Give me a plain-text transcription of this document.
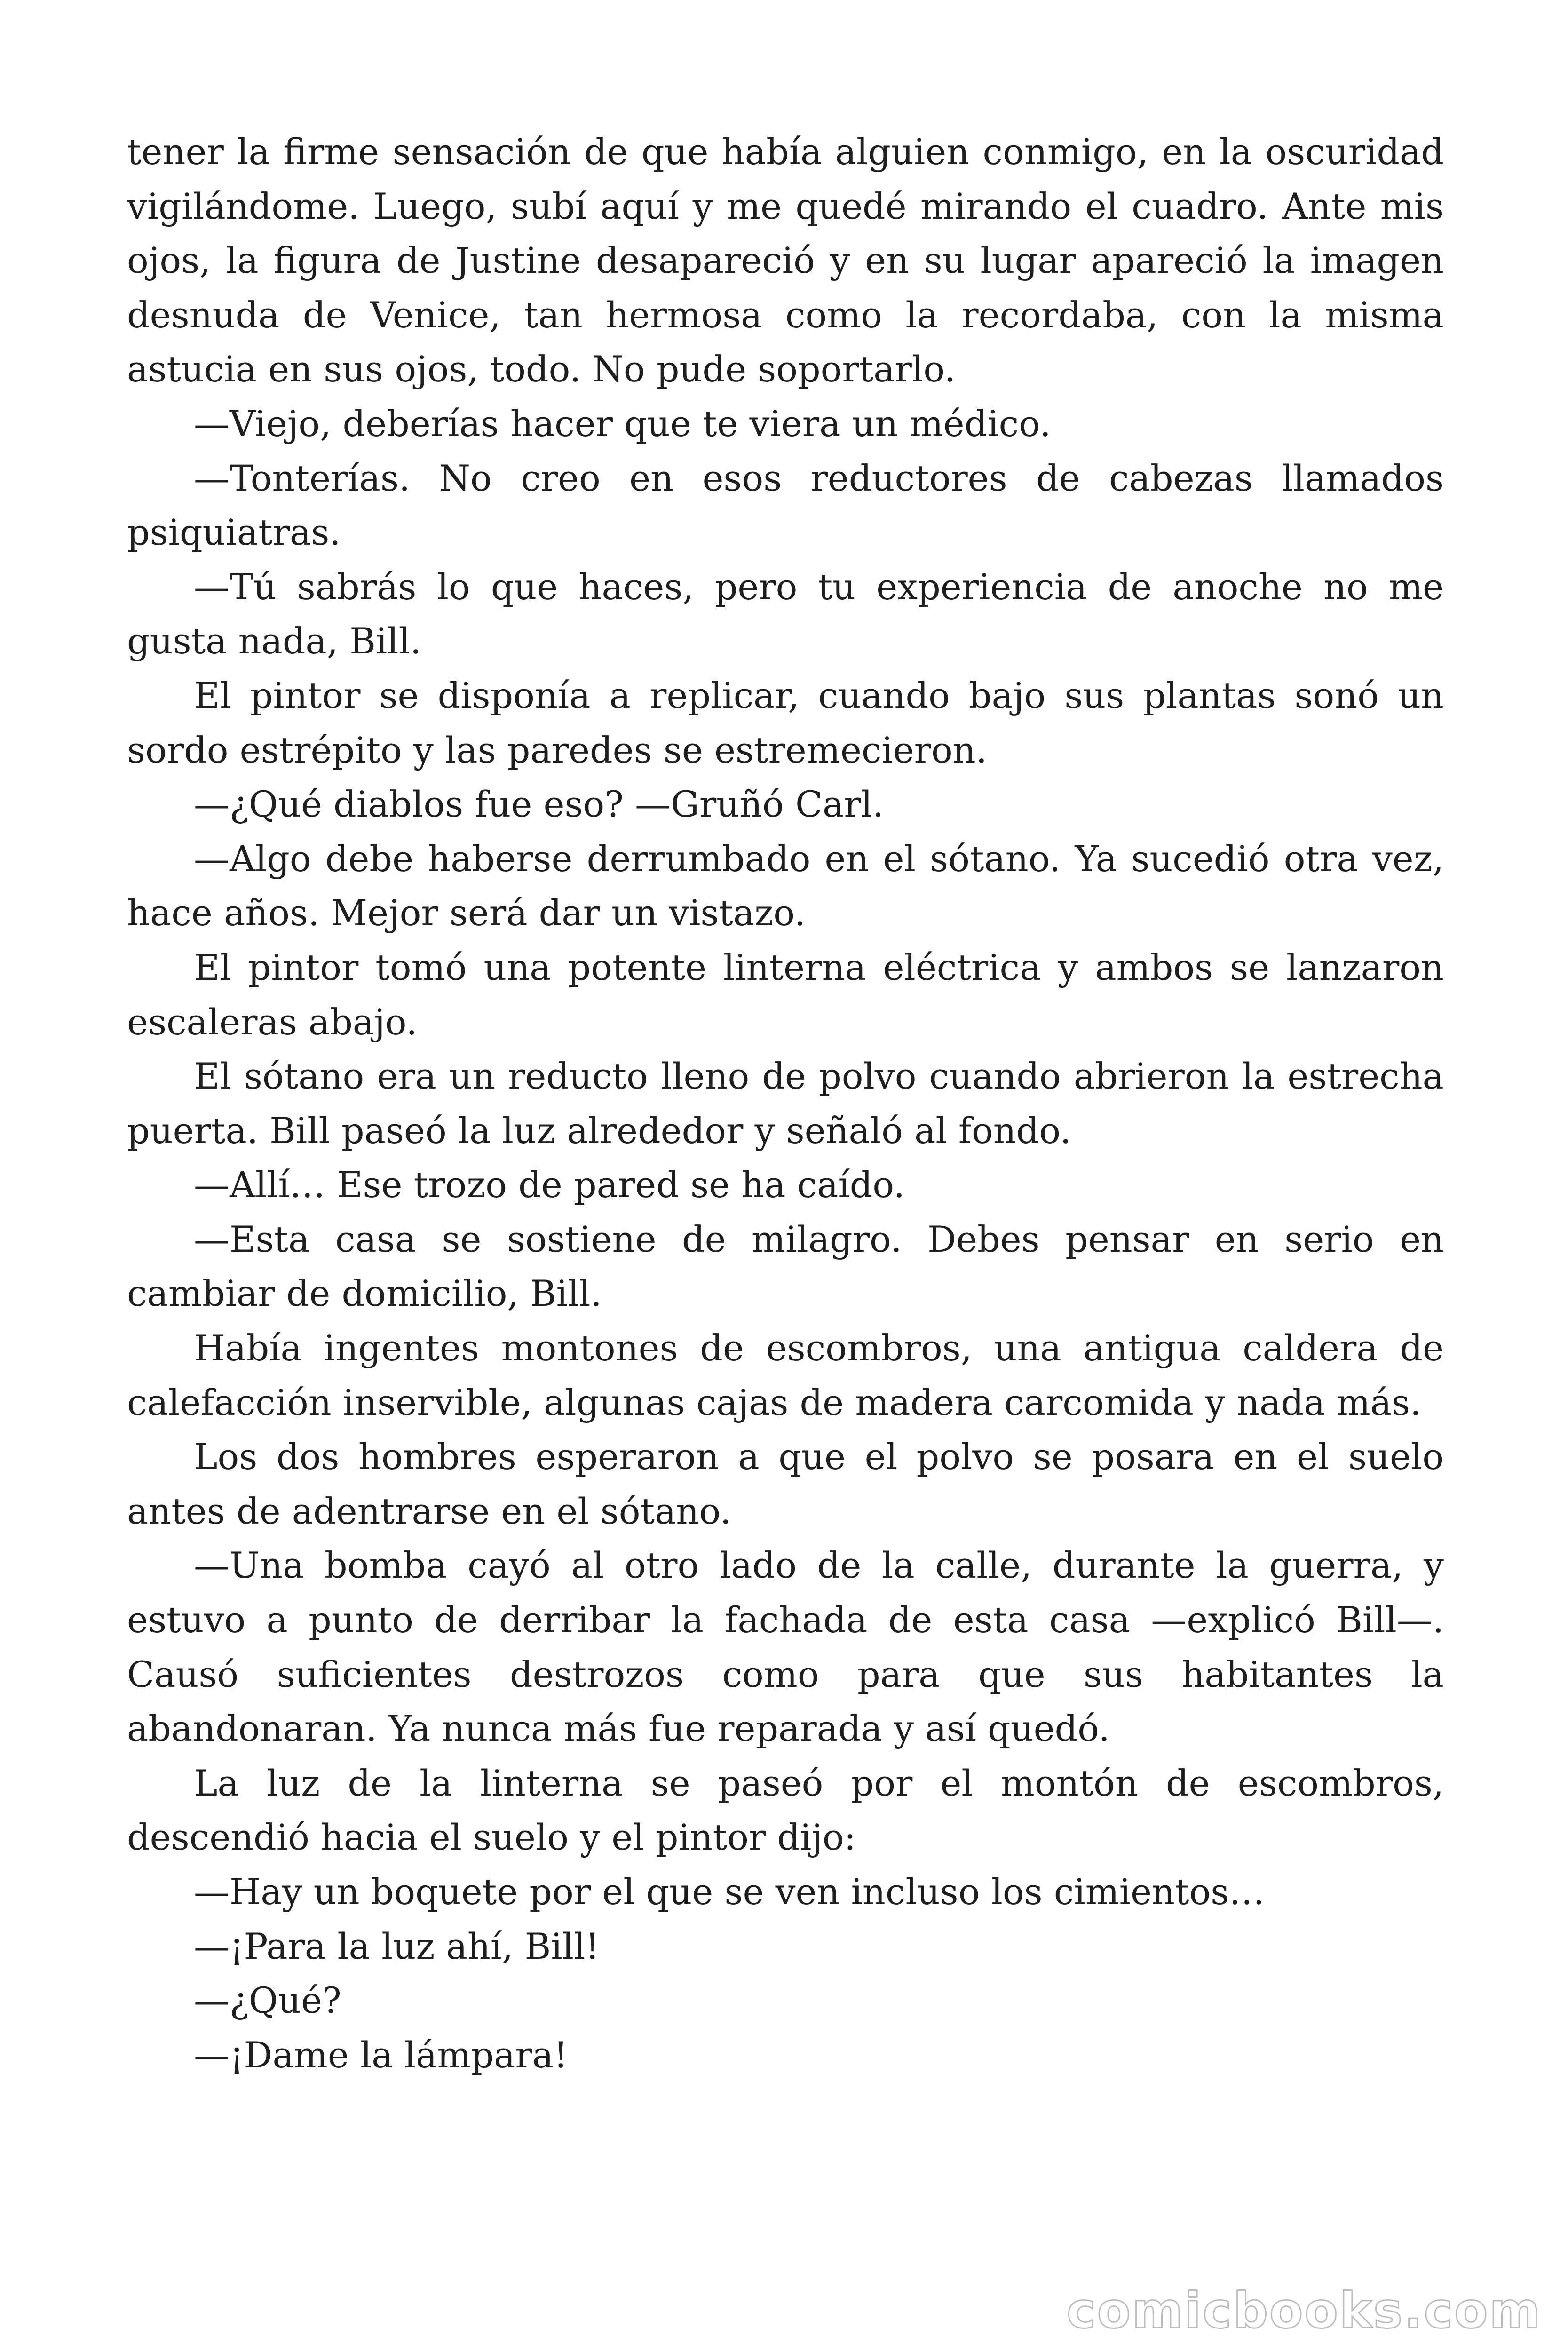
tener la firme sensación de que había alguien conmigo, en la oscuridad vigilándome. Luego, subí aquí y me quedé mirando el cuadro. Ante mis ojos, la figura de Justine desapareció y en su lugar apareció la imagen desnuda de Venice, tan hermosa como la recordaba, con la misma astucia en sus ojos, todo. No pude soportarlo.

—Viejo, deberías hacer que te viera un médico.

—Tonterías. No creo en esos reductores de cabezas llamados psiquiatras.

—Tú sabrás lo que haces, pero tu experiencia de anoche no me gusta nada, Bill.

El pintor se disponía a replicar, cuando bajo sus plantas sonó un sordo estrépito y las paredes se estremecieron.

—¿Qué diablos fue eso? —Gruñó Carl.

—Algo debe haberse derrumbado en el sótano. Ya sucedió otra vez, hace años. Mejor será dar un vistazo.

El pintor tomó una potente linterna eléctrica y ambos se lanzaron escaleras abajo.

El sótano era un reducto lleno de polvo cuando abrieron la estrecha puerta. Bill paseó la luz alrededor y señaló al fondo.

—Allí… Ese trozo de pared se ha caído.

—Esta casa se sostiene de milagro. Debes pensar en serio en cambiar de domicilio, Bill.

Había ingentes montones de escombros, una antigua caldera de calefacción inservible, algunas cajas de madera carcomida y nada más.

Los dos hombres esperaron a que el polvo se posara en el suelo antes de adentrarse en el sótano.

—Una bomba cayó al otro lado de la calle, durante la guerra, y estuvo a punto de derribar la fachada de esta casa —explicó Bill—. Causó suficientes destrozos como para que sus habitantes la abandonaran. Ya nunca más fue reparada y así quedó.

La luz de la linterna se paseó por el montón de escombros, descendió hacia el suelo y el pintor dijo:

—Hay un boquete por el que se ven incluso los cimientos…

—¡Para la luz ahí, Bill!

—¿Qué?

—¡Dame la lámpara!

comicbooks.com
